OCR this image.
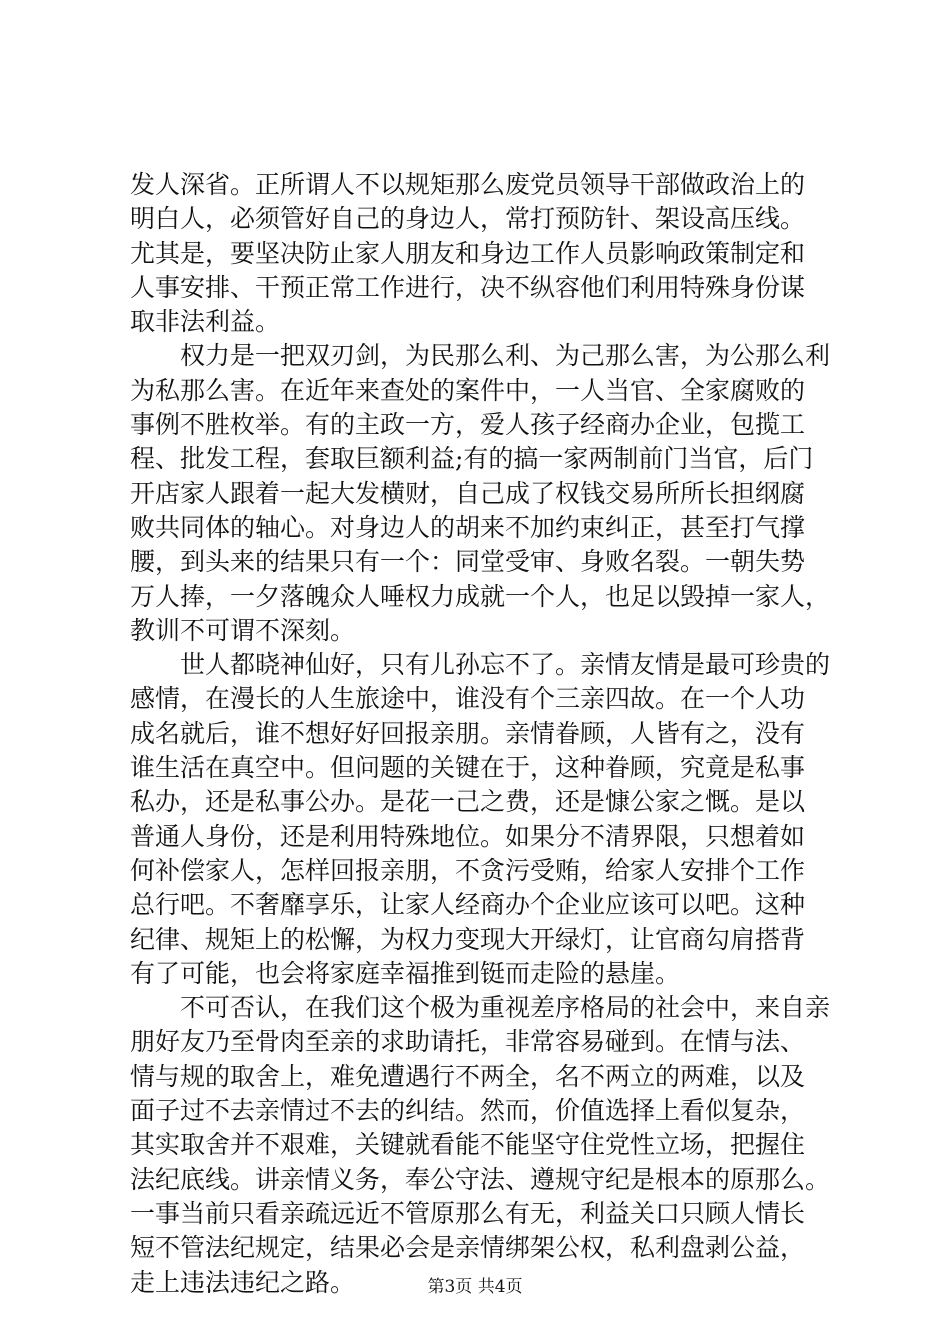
发人深省。正所谓人不以规矩那么废党员领导干部做政治上的
明白人，必须管好自己的身边人，常打预防针、架设高压线。
尤其是，要坚决防止家人朋友和身边工作人员影响政策制定和
人事安排、干预正常工作进行，决不纵容他们利用特殊身份谋
取非法利益。
权力是一把双刃剑，为民那么利、为己那么害，为公那么利
为私那么害。在近年来查处的案件中，一人当官、全家腐败的
事例不胜枚举。有的主政一方，爱人孩子经商办企业，包揽工
程、批发工程，套取巨额利益;有的搞一家两制前门当官，后门
开店家人跟着一起大发横财，自己成了权钱交易所所长担纲腐
败共同体的轴心。对身边人的胡来不加约束纠正，甚至打气撑
腰，到头来的结果只有一个：同堂受审、身败名裂。一朝失势
万人捧，一夕落魄众人唾权力成就一个人，也足以毁掉一家人，
教训不可谓不深刻。
世人都晓神仙好，只有儿孙忘不了。亲情友情是最可珍贵的
感情，在漫长的人生旅途中，谁没有个三亲四故。在一个人功
成名就后，谁不想好好回报亲朋。亲情眷顾，人皆有之，没有
谁生活在真空中。但问题的关键在于，这种眷顾，究竟是私事
私办，还是私事公办。是花一己之费，还是慷公家之慨。是以
普通人身份，还是利用特殊地位。如果分不清界限，只想着如
何补偿家人，怎样回报亲朋，不贪污受贿，给家人安排个工作
总行吧。不奢靡享乐，让家人经商办个企业应该可以吧。这种
纪律、规矩上的松懈，为权力变现大开绿灯，让官商勾肩搭背
有了可能，也会将家庭幸福推到铤而走险的悬崖。
不可否认，在我们这个极为重视差序格局的社会中，来自亲
朋好友乃至骨肉至亲的求助请托，非常容易碰到。在情与法、
情与规的取舍上，难免遭遇行不两全，名不两立的两难，以及
面子过不去亲情过不去的纠结。然而，价值选择上看似复杂，
其实取舍并不艰难，关键就看能不能坚守住党性立场，把握住
法纪底线。讲亲情义务，奉公守法、遵规守纪是根本的原那么。
一事当前只看亲疏远近不管原那么有无，利益关口只顾人情长
短不管法纪规定，结果必会是亲情绑架公权，私利盘剥公益，
走上违法违纪之路。	第3页 共4页
